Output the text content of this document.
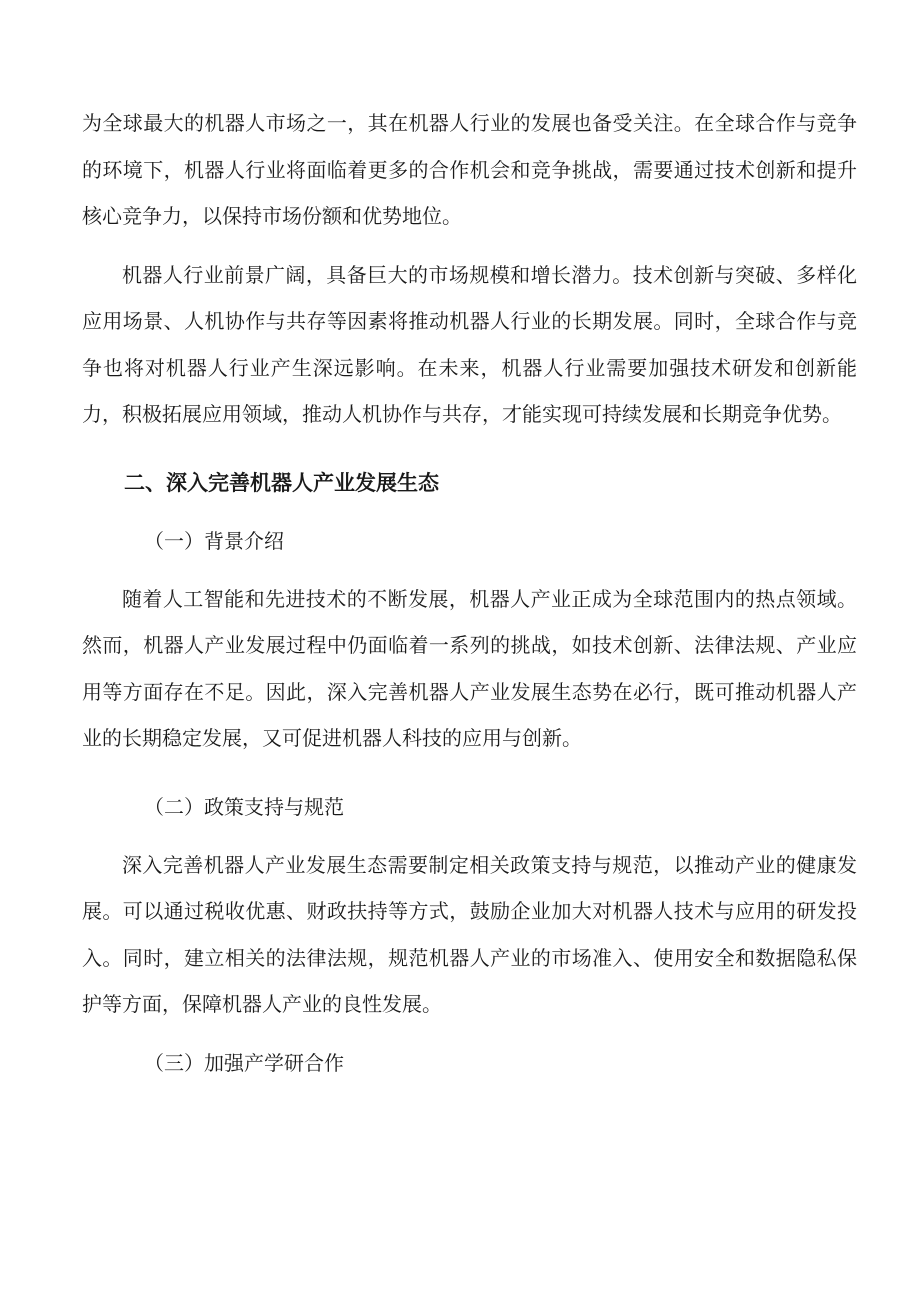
为全球最大的机器人市场之一，其在机器人行业的发展也备受关注。在全球合作与竞争的环境下，机器人行业将面临着更多的合作机会和竞争挑战，需要通过技术创新和提升核心竞争力，以保持市场份额和优势地位。

机器人行业前景广阔，具备巨大的市场规模和增长潜力。技术创新与突破、多样化应用场景、人机协作与共存等因素将推动机器人行业的长期发展。同时，全球合作与竞争也将对机器人行业产生深远影响。在未来，机器人行业需要加强技术研发和创新能力，积极拓展应用领域，推动人机协作与共存，才能实现可持续发展和长期竞争优势。

二、深入完善机器人产业发展生态

（一）背景介绍

随着人工智能和先进技术的不断发展，机器人产业正成为全球范围内的热点领域。然而，机器人产业发展过程中仍面临着一系列的挑战，如技术创新、法律法规、产业应用等方面存在不足。因此，深入完善机器人产业发展生态势在必行，既可推动机器人产业的长期稳定发展，又可促进机器人科技的应用与创新。

（二）政策支持与规范

深入完善机器人产业发展生态需要制定相关政策支持与规范，以推动产业的健康发展。可以通过税收优惠、财政扶持等方式，鼓励企业加大对机器人技术与应用的研发投入。同时，建立相关的法律法规，规范机器人产业的市场准入、使用安全和数据隐私保护等方面，保障机器人产业的良性发展。

（三）加强产学研合作
